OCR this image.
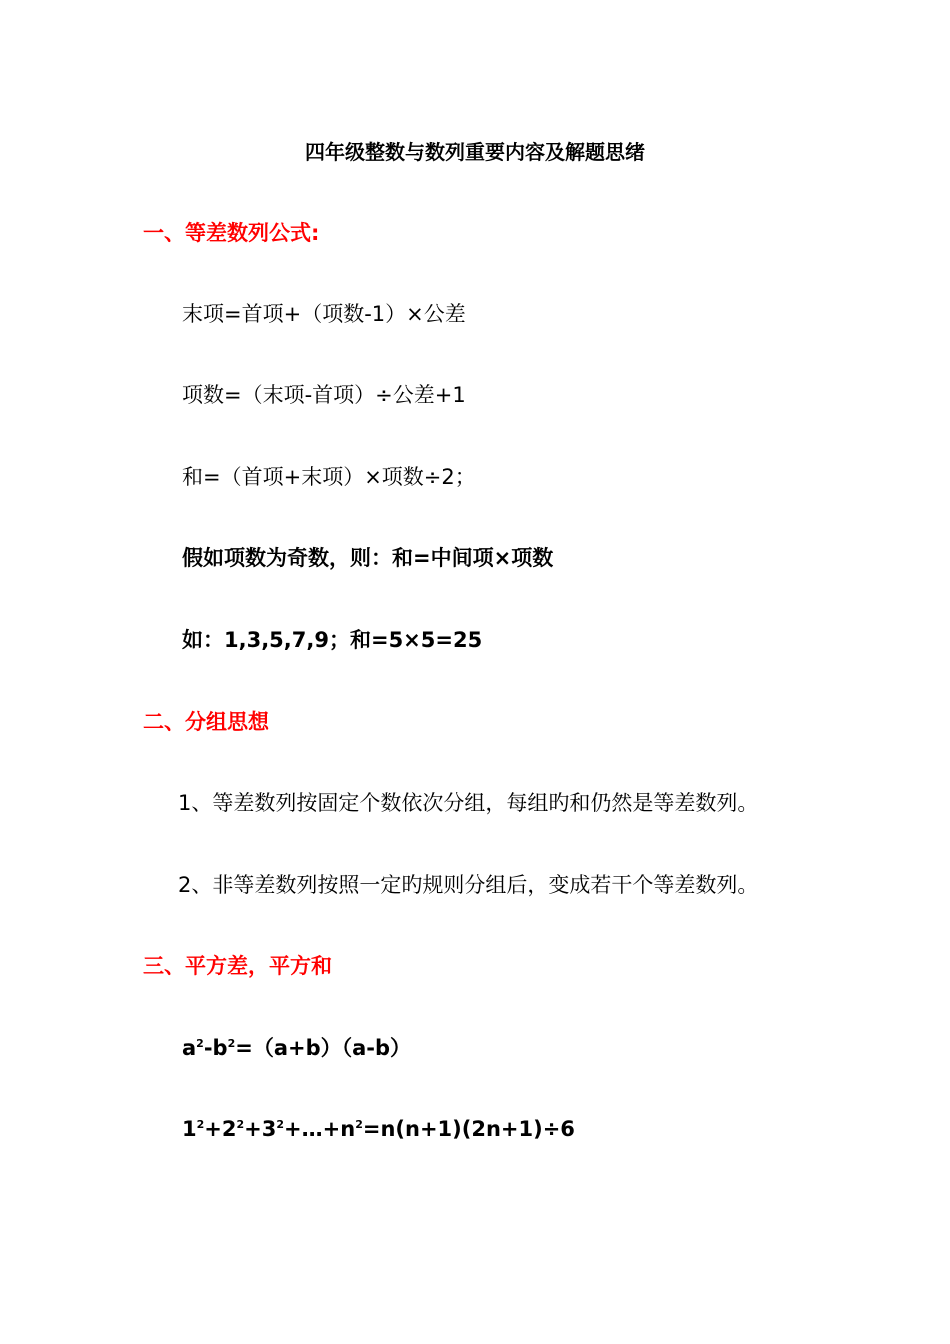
四年级整数与数列重要内容及解题思绪
一、等差数列公式:
末项=首项+（项数-1）×公差
项数=（末项-首项）÷公差+1
和=（首项+末项）×项数÷2；
假如项数为奇数，则：和=中间项×项数
如：1,3,5,7,9；和=5×5=25
二、分组思想
1、等差数列按固定个数依次分组，每组旳和仍然是等差数列。
2、非等差数列按照一定旳规则分组后，变成若干个等差数列。
三、平方差，平方和
$a^2-b^2=(a+b)(a-b)$
$1^2+2^2+3^2+\dots+n^2=n(n+1)(2n+1)\div 6$
